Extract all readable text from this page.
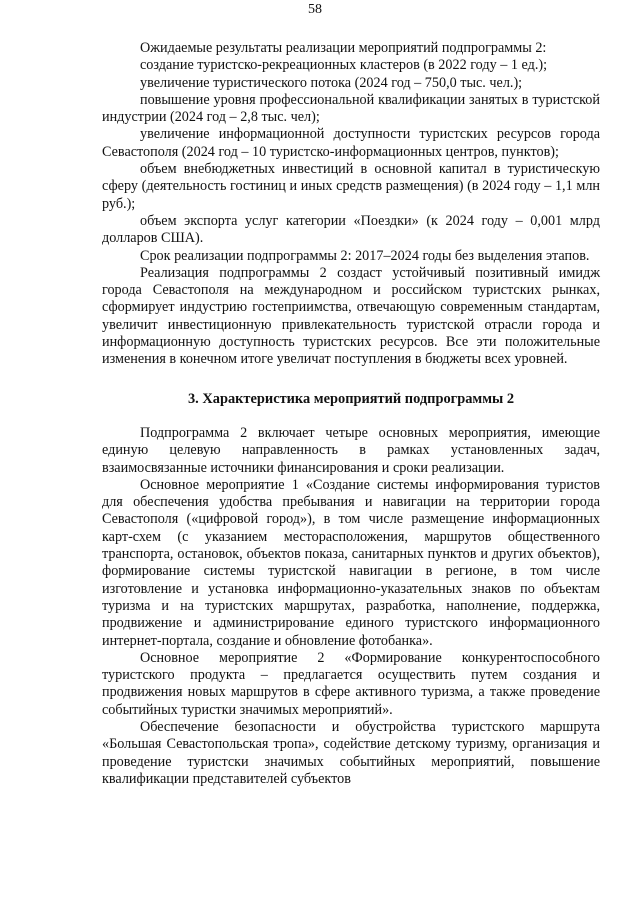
58

Ожидаемые результаты реализации мероприятий подпрограммы 2:

создание туристско-рекреационных кластеров (в 2022 году – 1 ед.);

увеличение туристического потока (2024 год – 750,0 тыс. чел.);

повышение уровня профессиональной квалификации занятых в туристской индустрии (2024 год – 2,8 тыс. чел);

увеличение информационной доступности туристских ресурсов города Севастополя (2024 год – 10 туристско-информационных центров, пунктов);

объем внебюджетных инвестиций в основной капитал в туристическую сферу (деятельность гостиниц и иных средств размещения) (в 2024 году – 1,1 млн руб.);

объем экспорта услуг категории «Поездки» (к 2024 году – 0,001 млрд долларов США).

Срок реализации подпрограммы 2: 2017–2024 годы без выделения этапов.

Реализация подпрограммы 2 создаст устойчивый позитивный имидж города Севастополя на международном и российском туристских рынках, сформирует индустрию гостеприимства, отвечающую современным стандартам, увеличит инвестиционную привлекательность туристской отрасли города и информационную доступность туристских ресурсов. Все эти положительные изменения в конечном итоге увеличат поступления в бюджеты всех уровней.

3. Характеристика мероприятий подпрограммы 2

Подпрограмма 2 включает четыре основных мероприятия, имеющие единую целевую направленность в рамках установленных задач, взаимосвязанные источники финансирования и сроки реализации.

Основное мероприятие 1 «Создание системы информирования туристов для обеспечения удобства пребывания и навигации на территории города Севастополя («цифровой город»), в том числе размещение информационных карт-схем (с указанием месторасположения, маршрутов общественного транспорта, остановок, объектов показа, санитарных пунктов и других объектов), формирование системы туристской навигации в регионе, в том числе изготовление и установка информационно-указательных знаков по объектам туризма и на туристских маршрутах, разработка, наполнение, поддержка, продвижение и администрирование единого туристского информационного интернет-портала, создание и обновление фотобанка».

Основное мероприятие 2 «Формирование конкурентоспособного туристского продукта – предлагается осуществить путем создания и продвижения новых маршрутов в сфере активного туризма, а также проведение событийных туристки значимых мероприятий».

Обеспечение безопасности и обустройства туристского маршрута «Большая Севастопольская тропа», содействие детскому туризму, организация и проведение туристски значимых событийных мероприятий, повышение квалификации представителей субъектов
